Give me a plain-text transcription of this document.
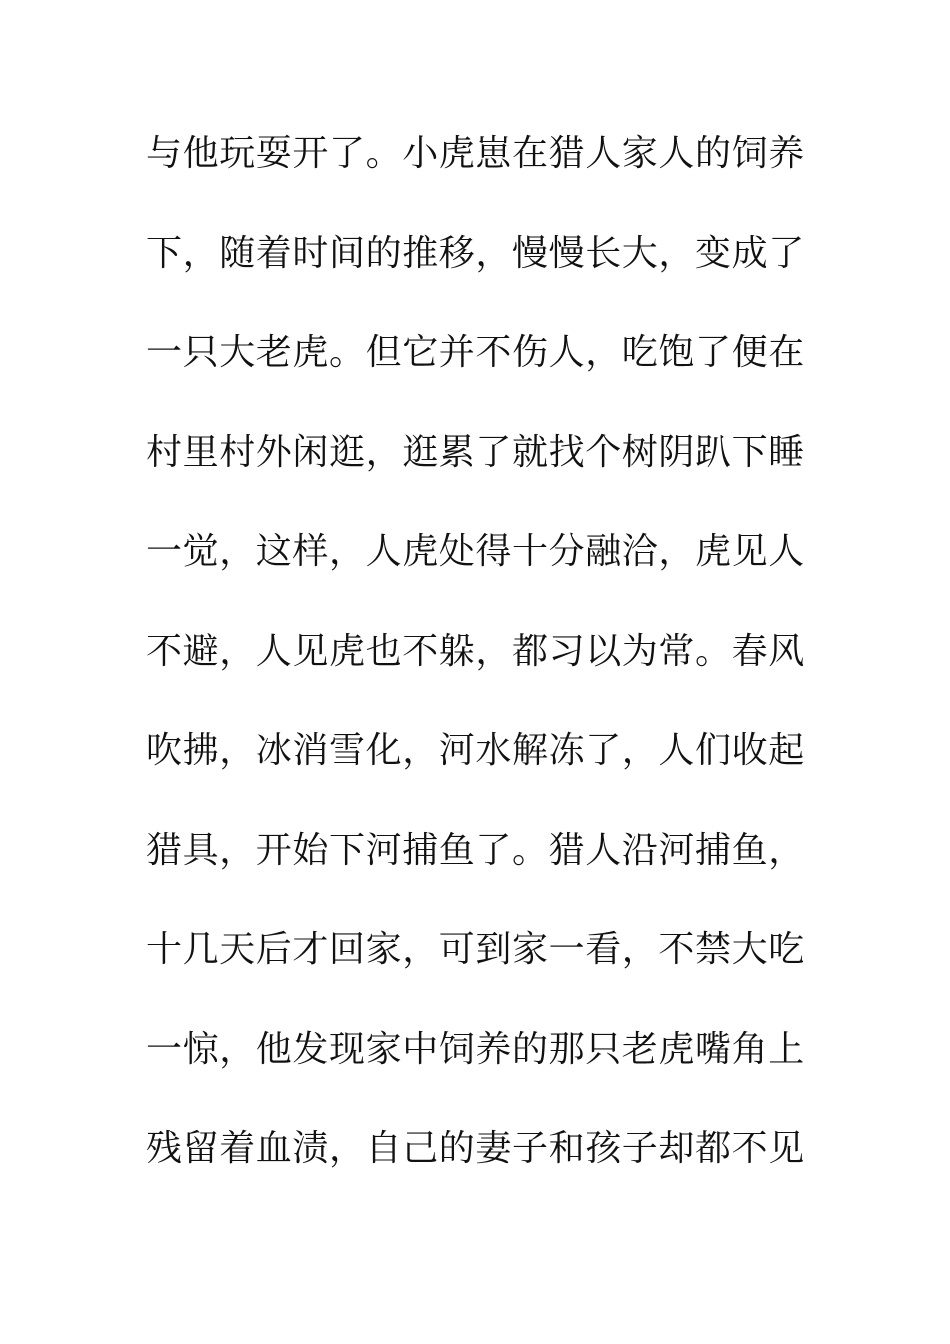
与他玩耍开了。小虎崽在猎人家人的饲养
下，随着时间的推移，慢慢长大，变成了
一只大老虎。但它并不伤人，吃饱了便在
村里村外闲逛，逛累了就找个树阴趴下睡
一觉，这样，人虎处得十分融洽，虎见人
不避，人见虎也不躲，都习以为常。春风
吹拂，冰消雪化，河水解冻了，人们收起
猎具，开始下河捕鱼了。猎人沿河捕鱼，
十几天后才回家，可到家一看，不禁大吃
一惊，他发现家中饲养的那只老虎嘴角上
残留着血渍，自己的妻子和孩子却都不见
